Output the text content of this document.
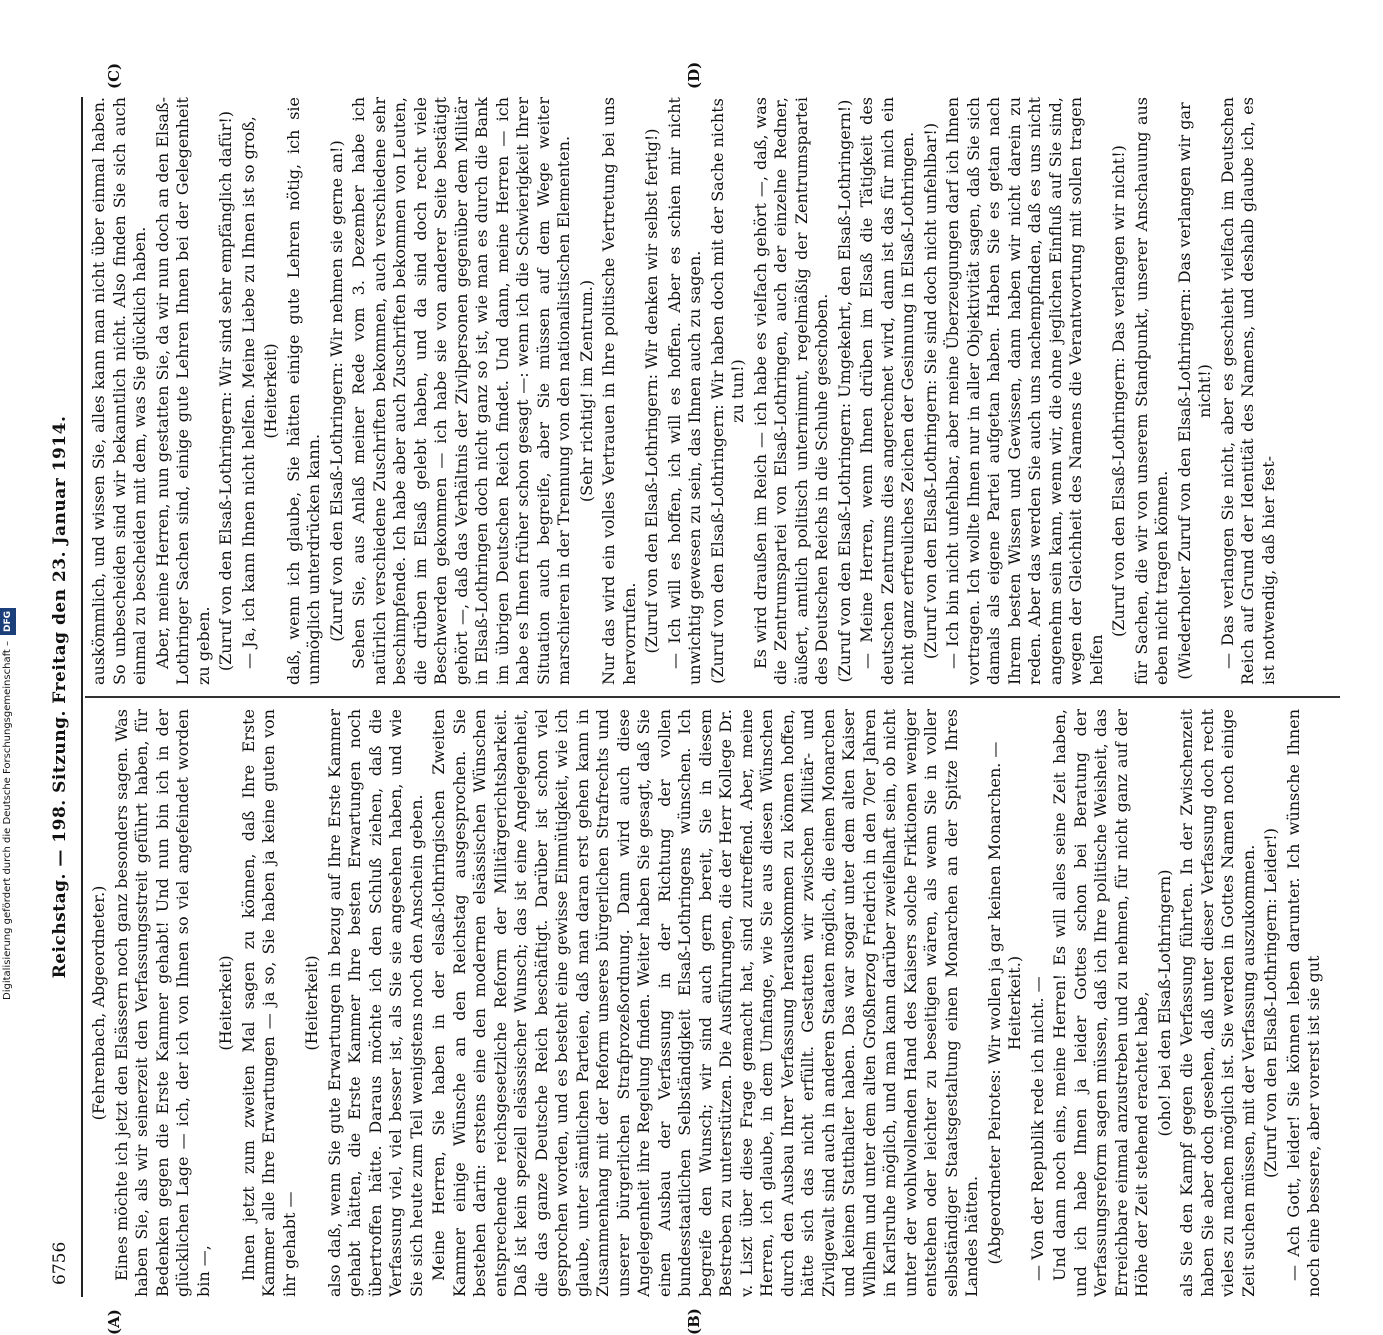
6756
Reichstag. — 198. Sitzung. Freitag den 23. Januar 1914.
(A)	(B)
(C)	(D)

(Fehrenbach, Abgeordneter.) Eines möchte ich jetzt den Elsässern noch ganz besonders sagen. Was haben Sie, als wir seinerzeit den Verfassungsstreit geführt haben, für Bedenken gegen die Erste Kammer gehabt! Und nun bin ich in der glücklichen Lage — ich, der ich von Ihnen so viel angefeindet worden bin —,

(Heiterkeit) Ihnen jetzt zum zweiten Mal sagen zu können, daß Ihre Erste Kammer alle Ihre Erwartungen — ja so, Sie haben ja keine guten von ihr gehabt —

(Heiterkeit) also daß, wenn Sie gute Erwartungen in bezug auf Ihre Erste Kammer gehabt hätten, die Erste Kammer Ihre besten Erwartungen noch übertroffen hätte. Daraus möchte ich den Schluß ziehen, daß die Verfassung viel, viel besser ist, als Sie sie angesehen haben, und wie Sie sich heute zum Teil wenigstens noch den Anschein geben. Meine Herren, Sie haben in der elsaß-lothringischen Zweiten Kammer einige Wünsche an den Reichstag ausgesprochen. Sie bestehen darin: erstens eine den modernen elsässischen Wünschen entsprechende reichsgesetzliche Reform der Militärgerichtsbarkeit. Daß ist kein speziell elsässischer Wunsch; das ist eine Angelegenheit, die das ganze Deutsche Reich beschäftigt. Darüber ist schon viel gesprochen worden, und es besteht eine gewisse Einmütigkeit, wie ich glaube, unter sämtlichen Parteien, daß man daran erst gehen kann in Zusammenhang mit der Reform unseres bürgerlichen Strafrechts und unserer bürgerlichen Strafprozeßordnung. Dann wird auch diese Angelegenheit ihre Regelung finden. Weiter haben Sie gesagt, daß Sie einen Ausbau der Verfassung in der Richtung der vollen bundesstaatlichen Selbständigkeit Elsaß-Lothringens wünschen. Ich begreife den Wunsch; wir sind auch gern bereit, Sie in diesem Bestreben zu unterstützen. Die Ausführungen, die der Herr Kollege Dr. v. Liszt über diese Frage gemacht hat, sind zutreffend. Aber, meine Herren, ich glaube, in dem Umfange, wie Sie aus diesen Wünschen durch den Ausbau Ihrer Verfassung herauskommen zu können hoffen, hätte sich das nicht erfüllt. Gestatten wir zwischen Militär- und Zivilgewalt sind auch in anderen Staaten möglich, die einen Monarchen und keinen Statthalter haben. Das war sogar unter dem alten Kaiser Wilhelm und unter dem alten Großherzog Friedrich in den 70er Jahren in Karlsruhe möglich, und man kann darüber zweifelhaft sein, ob nicht unter der wohlwollenden Hand des Kaisers solche Friktionen weniger entstehen oder leichter zu beseitigen wären, als wenn Sie in voller selbständiger Staatsgestaltung einen Monarchen an der Spitze Ihres Landes hätten. (Abgeordneter Peirotes: Wir wollen ja gar keinen Monarchen. — Heiterkeit.) — Von der Republik rede ich nicht. — Und dann noch eins, meine Herren! Es will alles seine Zeit haben, und ich habe Ihnen ja leider Gottes schon bei Beratung der Verfassungsreform sagen müssen, daß ich Ihre politische Weisheit, das Erreichbare einmal anzustreben und zu nehmen, für nicht ganz auf der Höhe der Zeit stehend erachtet habe, (oho! bei den Elsaß-Lothringern) als Sie den Kampf gegen die Verfassung führten. In der Zwischenzeit haben Sie aber doch gesehen, daß unter dieser Verfassung doch recht vieles zu machen möglich ist. Sie werden in Gottes Namen noch einige Zeit suchen müssen, mit der Verfassung auszukommen. (Zuruf von den Elsaß-Lothringern: Leider!) — Ach Gott, leider! Sie können leben darunter. Ich wünsche Ihnen noch eine bessere, aber vorerst ist sie gut

auskömmlich, und wissen Sie, alles kann man nicht über einmal haben. So unbescheiden sind wir bekanntlich nicht. Also finden Sie sich auch einmal zu bescheiden mit dem, was Sie glücklich haben. Aber, meine Herren, nun gestatten Sie, da wir nun doch an den Elsaß-Lothringer Sachen sind, einige gute Lehren Ihnen bei der Gelegenheit zu geben. (Zuruf von den Elsaß-Lothringern: Wir sind sehr empfänglich dafür!) — Ja, ich kann Ihnen nicht helfen. Meine Liebe zu Ihnen ist so groß, (Heiterkeit) daß, wenn ich glaube, Sie hätten einige gute Lehren nötig, ich sie unmöglich unterdrücken kann. (Zuruf von den Elsaß-Lothringern: Wir nehmen sie gerne an!) Sehen Sie, aus Anlaß meiner Rede vom 3. Dezember habe ich natürlich verschiedene Zuschriften bekommen, auch verschiedene sehr beschimpfende. Ich habe aber auch Zuschriften bekommen von Leuten, die drüben im Elsaß gelebt haben, und da sind doch recht viele Beschwerden gekommen — ich habe sie von anderer Seite bestätigt gehört —, daß das Verhältnis der Zivilpersonen gegenüber dem Militär in Elsaß-Lothringen doch nicht ganz so ist, wie man es durch die Bank im übrigen Deutschen Reich findet. Und dann, meine Herren — ich habe es Ihnen früher schon gesagt —: wenn ich die Schwierigkeit Ihrer Situation auch begreife, aber Sie müssen auf dem Wege weiter marschieren in der Trennung von den nationalistischen Elementen. (Sehr richtig! im Zentrum.) Nur das wird ein volles Vertrauen in Ihre politische Vertretung bei uns hervorrufen. (Zuruf von den Elsaß-Lothringern: Wir denken wir selbst fertig!) — Ich will es hoffen, ich will es hoffen. Aber es schien mir nicht unwichtig gewesen zu sein, das Ihnen auch zu sagen. (Zuruf von den Elsaß-Lothringern: Wir haben doch mit der Sache nichts zu tun!) Es wird draußen im Reich — ich habe es vielfach gehört —, daß, was die Zentrumspartei von Elsaß-Lothringen, auch der einzelne Redner, äußert, amtlich politisch unternimmt, regelmäßig der Zentrumspartei des Deutschen Reichs in die Schuhe geschoben. (Zuruf von den Elsaß-Lothringern: Umgekehrt, den Elsaß-Lothringern!) — Meine Herren, wenn Ihnen drüben im Elsaß die Tätigkeit des deutschen Zentrums dies angerechnet wird, dann ist das für mich ein nicht ganz erfreuliches Zeichen der Gesinnung in Elsaß-Lothringen. (Zuruf von den Elsaß-Lothringern: Sie sind doch nicht unfehlbar!) — Ich bin nicht unfehlbar, aber meine Überzeugungen darf ich Ihnen vortragen. Ich wollte Ihnen nur in aller Objektivität sagen, daß Sie sich damals als eigene Partei aufgetan haben. Haben Sie es getan nach Ihrem besten Wissen und Gewissen, dann haben wir nicht darein zu reden. Aber das werden Sie auch uns nachempfinden, daß es uns nicht angenehm sein kann, wenn wir, die ohne jeglichen Einfluß auf Sie sind, wegen der Gleichheit des Namens die Verantwortung mit sollen tragen helfen

(Zuruf von den Elsaß-Lothringern: Das verlangen wir nicht!) für Sachen, die wir von unserem Standpunkt, unserer Anschauung aus eben nicht tragen können. (Wiederholter Zuruf von den Elsaß-Lothringern: Das verlangen wir gar nicht!) — Das verlangen Sie nicht, aber es geschieht vielfach im Deutschen Reich auf Grund der Identität des Namens, und deshalb glaube ich, es ist notwendig, daß hier fest-

Digitalisierung gefördert durch die Deutsche Forschungsgemeinschaft –DFG
